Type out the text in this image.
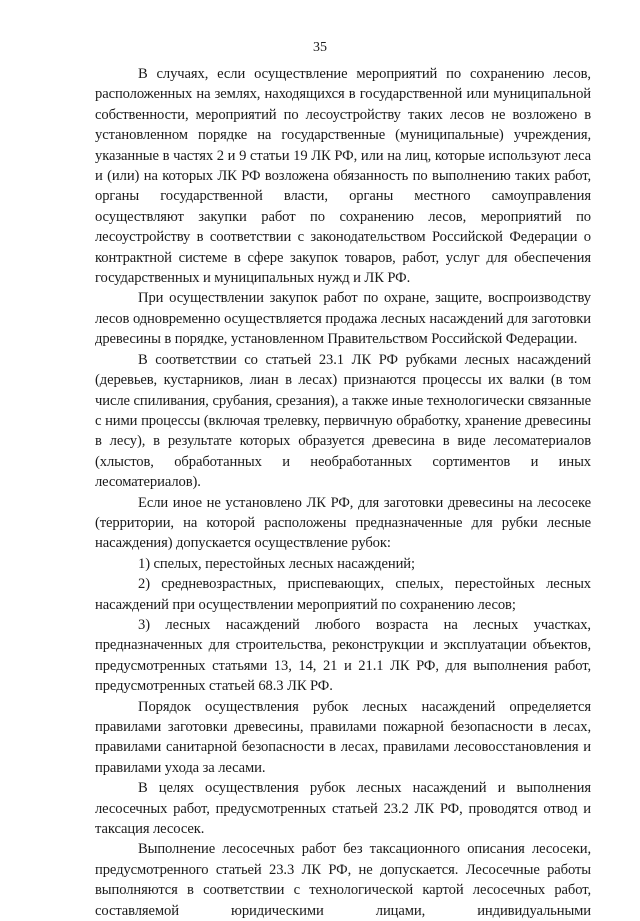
35

В случаях, если осуществление мероприятий по сохранению лесов, расположенных на землях, находящихся в государственной или муниципальной собственности, мероприятий по лесоустройству таких лесов не возложено в установленном порядке на государственные (муниципальные) учреждения, указанные в частях 2 и 9 статьи 19 ЛК РФ, или на лиц, которые используют леса и (или) на которых ЛК РФ возложена обязанность по выполнению таких работ, органы государственной власти, органы местного самоуправления осуществляют закупки работ по сохранению лесов, мероприятий по лесоустройству в соответствии с законодательством Российской Федерации о контрактной системе в сфере закупок товаров, работ, услуг для обеспечения государственных и муниципальных нужд и ЛК РФ.

При осуществлении закупок работ по охране, защите, воспроизводству лесов одновременно осуществляется продажа лесных насаждений для заготовки древесины в порядке, установленном Правительством Российской Федерации.

В соответствии со статьей 23.1 ЛК РФ рубками лесных насаждений (деревьев, кустарников, лиан в лесах) признаются процессы их валки (в том числе спиливания, срубания, срезания), а также иные технологически связанные с ними процессы (включая трелевку, первичную обработку, хранение древесины в лесу), в результате которых образуется древесина в виде лесоматериалов (хлыстов, обработанных и необработанных сортиментов и иных лесоматериалов).

Если иное не установлено ЛК РФ, для заготовки древесины на лесосеке (территории, на которой расположены предназначенные для рубки лесные насаждения) допускается осуществление рубок:

1) спелых, перестойных лесных насаждений;

2) средневозрастных, приспевающих, спелых, перестойных лесных насаждений при осуществлении мероприятий по сохранению лесов;

3) лесных насаждений любого возраста на лесных участках, предназначенных для строительства, реконструкции и эксплуатации объектов, предусмотренных статьями 13, 14, 21 и 21.1 ЛК РФ, для выполнения работ, предусмотренных статьей 68.3 ЛК РФ.

Порядок осуществления рубок лесных насаждений определяется правилами заготовки древесины, правилами пожарной безопасности в лесах, правилами санитарной безопасности в лесах, правилами лесовосстановления и правилами ухода за лесами.

В целях осуществления рубок лесных насаждений и выполнения лесосечных работ, предусмотренных статьей 23.2 ЛК РФ, проводятся отвод и таксация лесосек.

Выполнение лесосечных работ без таксационного описания лесосеки, предусмотренного статьей 23.3 ЛК РФ, не допускается. Лесосечные работы выполняются в соответствии с технологической картой лесосечных работ, составляемой юридическими лицами, индивидуальными
